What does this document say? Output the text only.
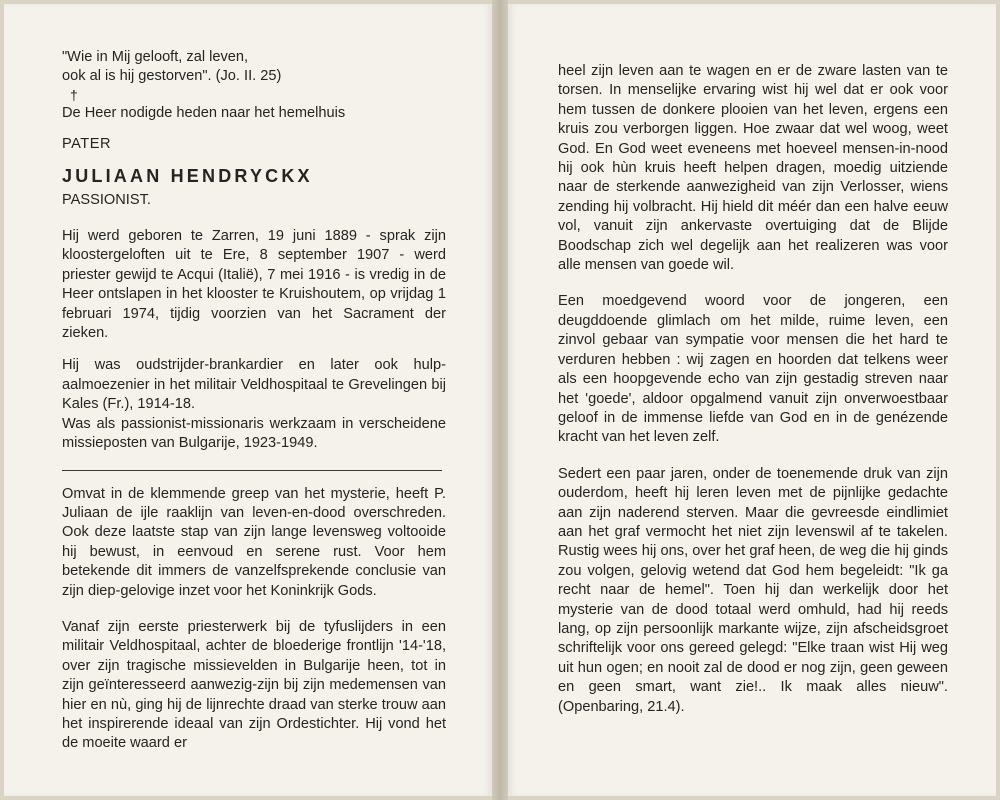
"Wie in Mij gelooft, zal leven,
ook al is hij gestorven". (Jo. II. 25)
†

De Heer nodigde heden naar het hemelhuis

PATER

JULIAAN HENDRYCKX

PASSIONIST.

Hij werd geboren te Zarren, 19 juni 1889 - sprak zijn kloostergeloften uit te Ere, 8 september 1907 - werd priester gewijd te Acqui (Italië), 7 mei 1916 - is vredig in de Heer ontslapen in het klooster te Kruishoutem, op vrijdag 1 februari 1974, tijdig voorzien van het Sacrament der zieken.

Hij was oudstrijder-brankardier en later ook hulp-aalmoezenier in het militair Veldhospitaal te Grevelingen bij Kales (Fr.), 1914-18.

Was als passionist-missionaris werkzaam in verscheidene missieposten van Bulgarije, 1923-1949.

Omvat in de klemmende greep van het mysterie, heeft P. Juliaan de ijle raaklijn van leven-en-dood overschreden. Ook deze laatste stap van zijn lange levensweg voltooide hij bewust, in eenvoud en serene rust. Voor hem betekende dit immers de vanzelfsprekende conclusie van zijn diep-gelovige inzet voor het Koninkrijk Gods.

Vanaf zijn eerste priesterwerk bij de tyfuslijders in een militair Veldhospitaal, achter de bloederige frontlijn '14-'18, over zijn tragische missievelden in Bulgarije heen, tot in zijn geïnteresseerd aanwezig-zijn bij zijn medemensen van hier en nù, ging hij de lijnrechte draad van sterke trouw aan het inspirerende ideaal van zijn Ordestichter. Hij vond het de moeite waard er

heel zijn leven aan te wagen en er de zware lasten van te torsen. In menselijke ervaring wist hij wel dat er ook voor hem tussen de donkere plooien van het leven, ergens een kruis zou verborgen liggen. Hoe zwaar dat wel woog, weet God. En God weet eveneens met hoeveel mensen-in-nood hij ook hùn kruis heeft helpen dragen, moedig uitziende naar de sterkende aanwezigheid van zijn Verlosser, wiens zending hij volbracht. Hij hield dit méér dan een halve eeuw vol, vanuit zijn ankervaste overtuiging dat de Blijde Boodschap zich wel degelijk aan het realizeren was voor alle mensen van goede wil.

Een moedgevend woord voor de jongeren, een deugddoende glimlach om het milde, ruime leven, een zinvol gebaar van sympatie voor mensen die het hard te verduren hebben : wij zagen en hoorden dat telkens weer als een hoopgevende echo van zijn gestadig streven naar het 'goede', aldoor opgalmend vanuit zijn onverwoestbaar geloof in de immense liefde van God en in de genézende kracht van het leven zelf.

Sedert een paar jaren, onder de toenemende druk van zijn ouderdom, heeft hij leren leven met de pijnlijke gedachte aan zijn naderend sterven. Maar die gevreesde eindlimiet aan het graf vermocht het niet zijn levenswil af te takelen. Rustig wees hij ons, over het graf heen, de weg die hij ginds zou volgen, gelovig wetend dat God hem begeleidt: "Ik ga recht naar de hemel". Toen hij dan werkelijk door het mysterie van de dood totaal werd omhuld, had hij reeds lang, op zijn persoonlijk markante wijze, zijn afscheidsgroet schriftelijk voor ons gereed gelegd: "Elke traan wist Hij weg uit hun ogen; en nooit zal de dood er nog zijn, geen geween en geen smart, want zie!.. Ik maak alles nieuw". (Openbaring, 21.4).
